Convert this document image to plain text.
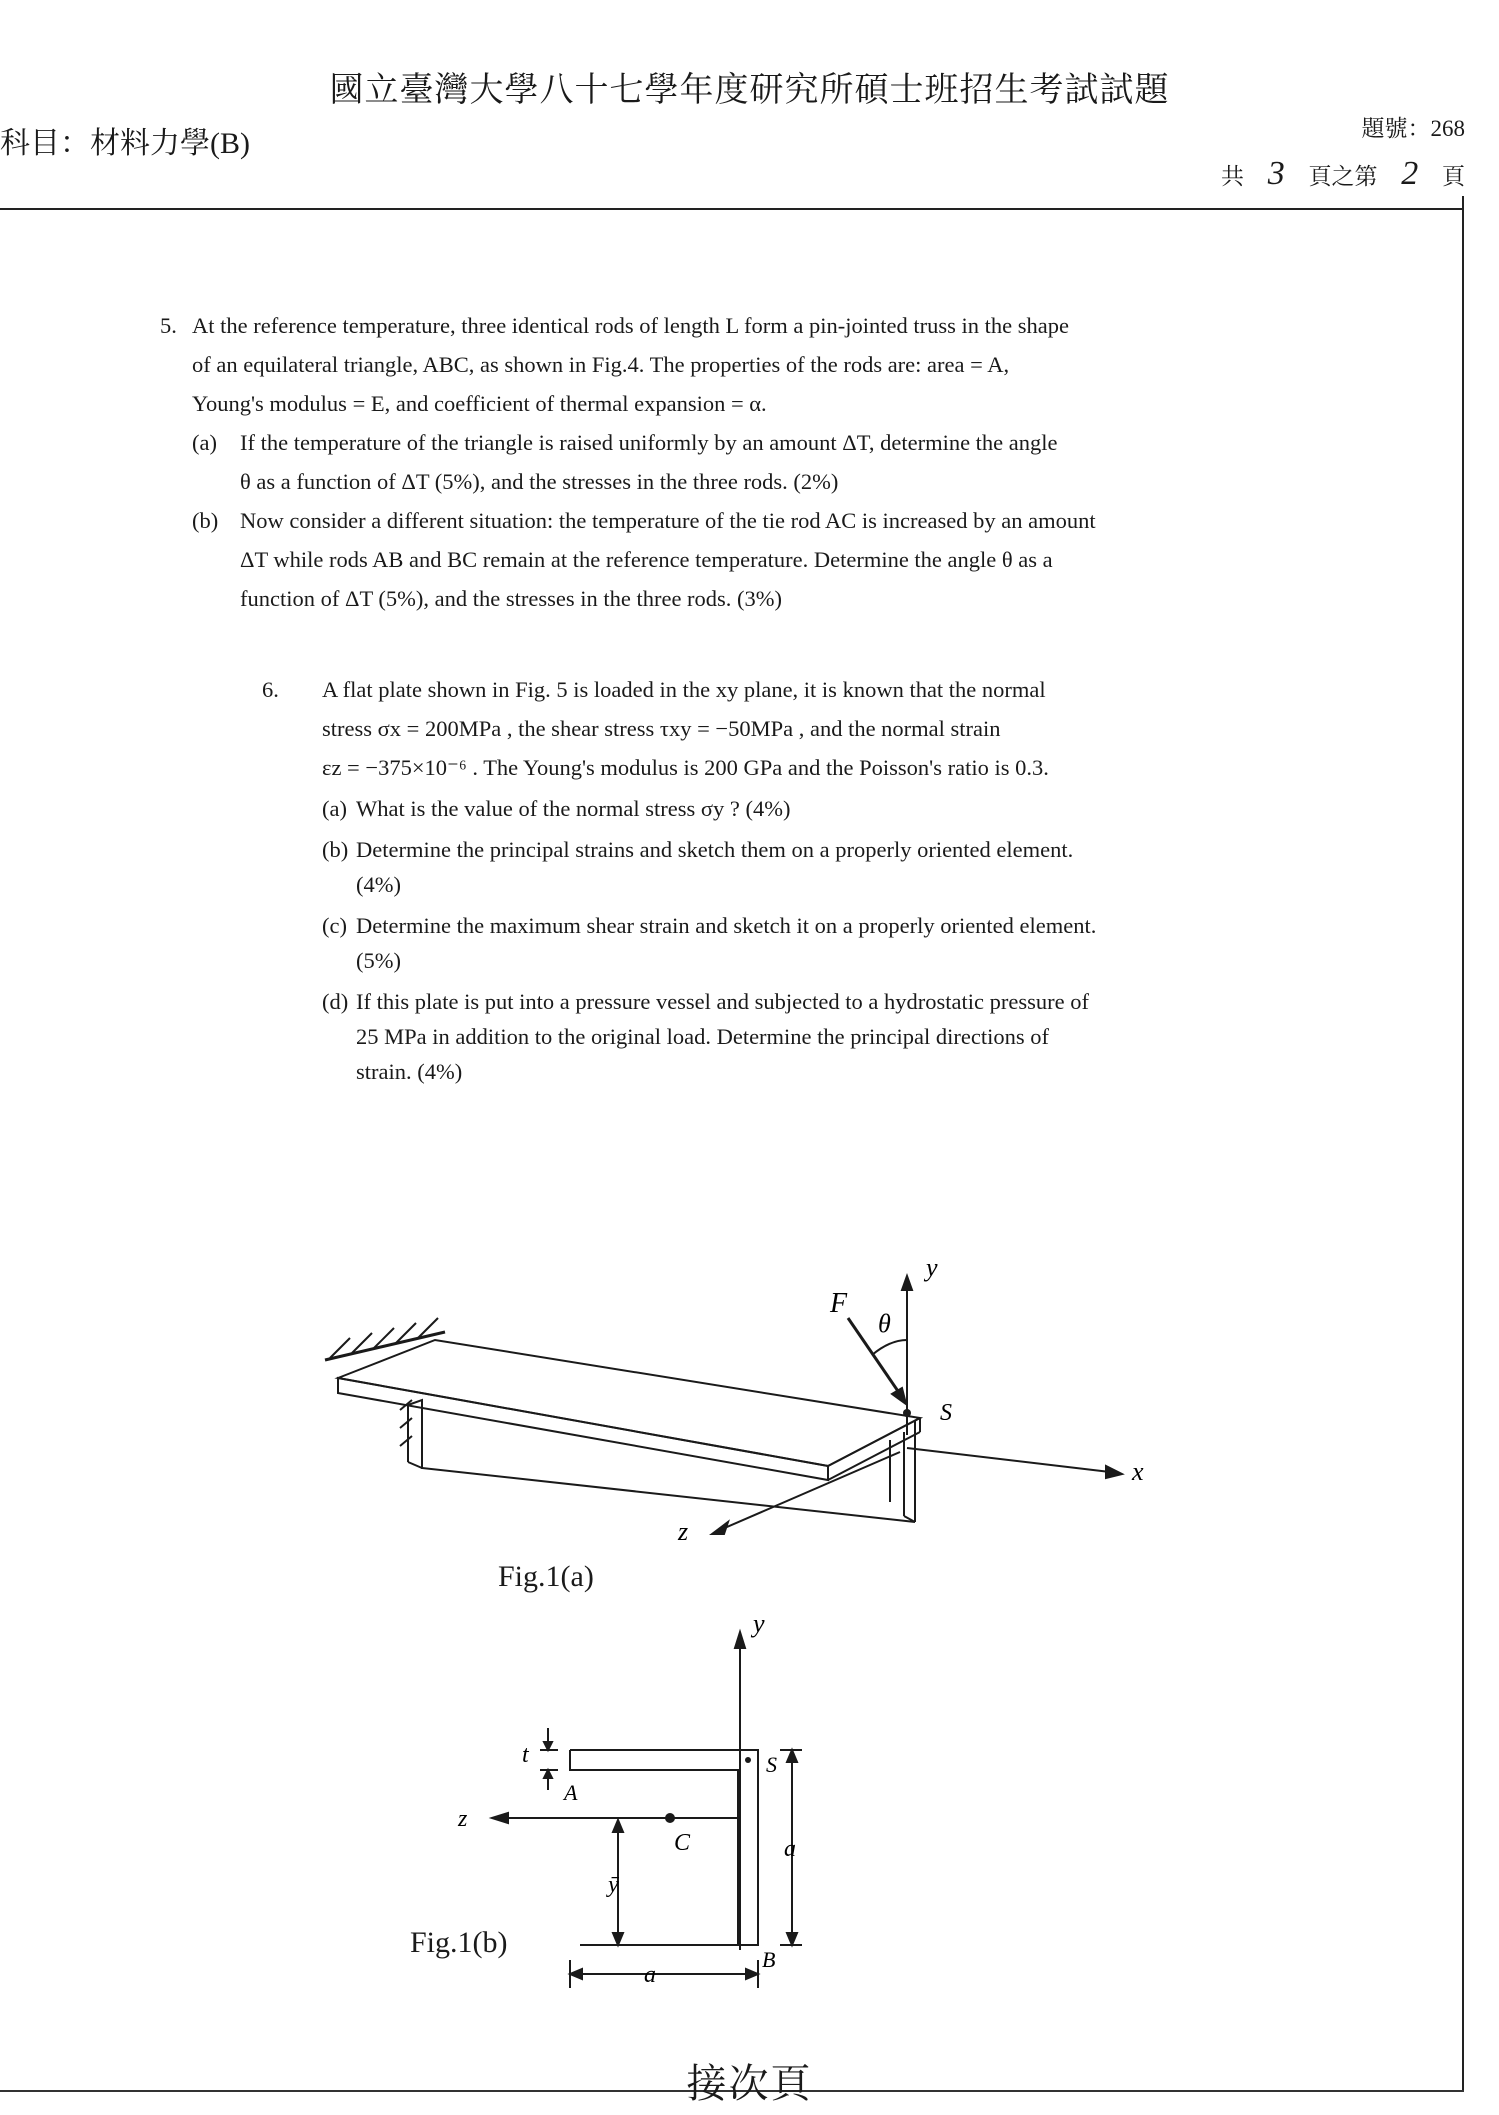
國立臺灣大學八十七學年度研究所碩士班招生考試試題
科目：材料力學(B)	題號：268
共 3 頁之第 2 頁
5. At the reference temperature, three identical rods of length L form a pin-jointed truss in the shape
of an equilateral triangle, ABC, as shown in Fig.4. The properties of the rods are: area = A,
Young's modulus = E, and coefficient of thermal expansion = α.
(a)	If the temperature of the triangle is raised uniformly by an amount ΔT, determine the angle
θ as a function of ΔT (5%), and the stresses in the three rods. (2%)
(b) Now consider a different situation: the temperature of the tie rod AC is increased by an amount
ΔT while rods AB and BC remain at the reference temperature. Determine the angle θ as a
function of ΔT (5%), and the stresses in the three rods. (3%)
6.	A flat plate shown in Fig. 5 is loaded in the xy plane, it is known that the normal

stress σx = 200MPa , the shear stress τxy = −50MPa , and the normal strain

εz = −375×10⁻⁶ . The Young's modulus is 200 GPa and the Poisson's ratio is 0.3.

(a) What is the value of the normal stress σy ? (4%)
(b) Determine the principal strains and sketch them on a properly oriented element.
(4%)
(c) Determine the maximum shear strain and sketch it on a properly oriented element.
(5%)
(d) If this plate is put into a pressure vessel and subjected to a hydrostatic pressure of
25 MPa in addition to the original load. Determine the principal directions of
strain. (4%)
y
x
z
F
θ
S
Fig.1(a)
y
z
t
A
S
C	a
ȳ
a
B
Fig.1(b)
接次頁
